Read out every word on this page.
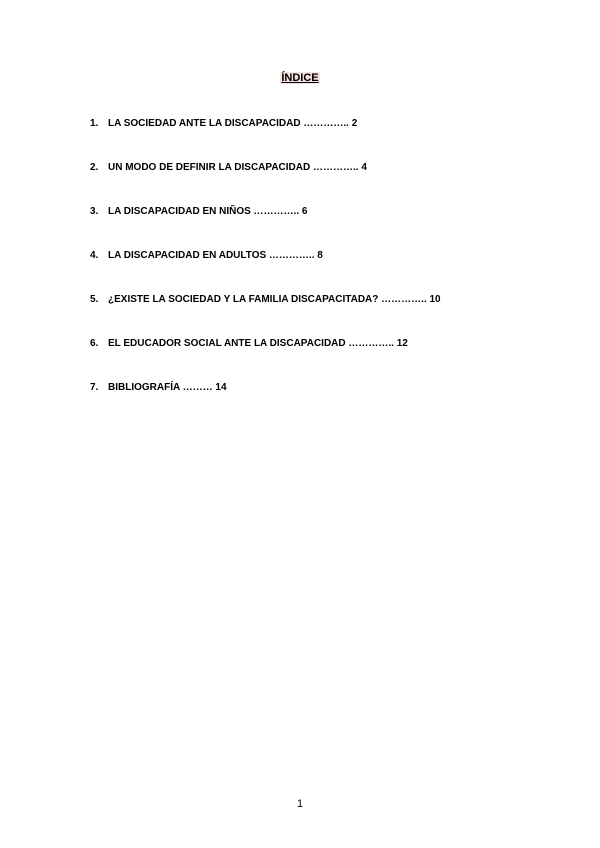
ÍNDICE
1. LA SOCIEDAD ANTE LA DISCAPACIDAD ………….. 2
2. UN MODO DE DEFINIR LA DISCAPACIDAD ………….. 4
3. LA DISCAPACIDAD EN NIÑOS ………….. 6
4. LA DISCAPACIDAD EN ADULTOS ………….. 8
5. ¿EXISTE LA SOCIEDAD Y LA FAMILIA DISCAPACITADA? ………….. 10
6. EL EDUCADOR SOCIAL ANTE LA DISCAPACIDAD ………….. 12
7. BIBLIOGRAFÍA ……… 14
1
